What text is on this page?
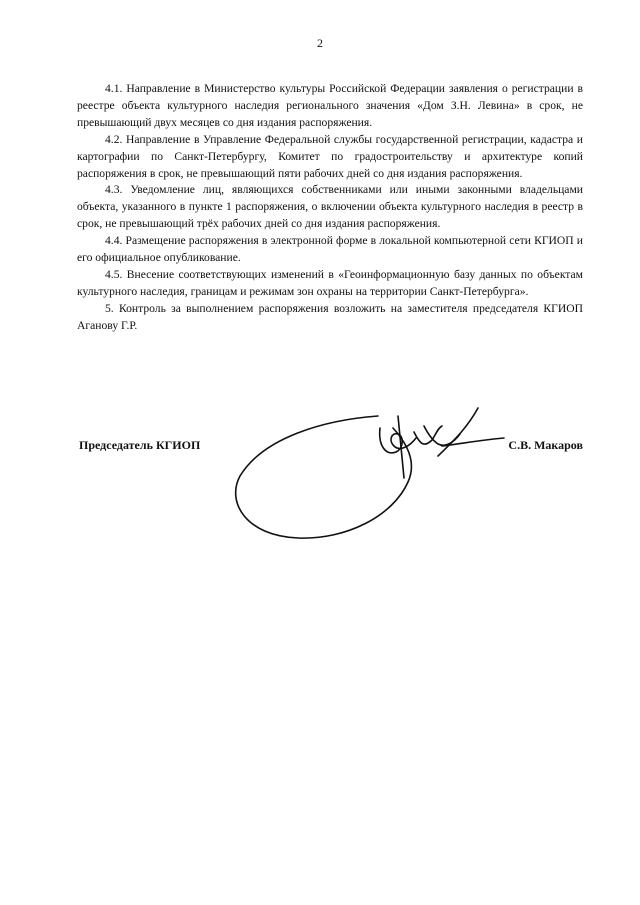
2

4.1. Направление в Министерство культуры Российской Федерации заявления о регистрации в реестре объекта культурного наследия регионального значения «Дом З.Н. Левина» в срок, не превышающий двух месяцев со дня издания распоряжения.

4.2. Направление в Управление Федеральной службы государственной регистрации, кадастра и картографии по Санкт-Петербургу, Комитет по градостроительству и архитектуре копий распоряжения в срок, не превышающий пяти рабочих дней со дня издания распоряжения.

4.3. Уведомление лиц, являющихся собственниками или иными законными владельцами объекта, указанного в пункте 1 распоряжения, о включении объекта культурного наследия в реестр в срок, не превышающий трёх рабочих дней со дня издания распоряжения.

4.4. Размещение распоряжения в электронной форме в локальной компьютерной сети КГИОП и его официальное опубликование.

4.5. Внесение соответствующих изменений в «Геоинформационную базу данных по объектам культурного наследия, границам и режимам зон охраны на территории Санкт-Петербурга».

5. Контроль за выполнением распоряжения возложить на заместителя председателя КГИОП Аганову Г.Р.

Председатель КГИОП	С.В. Макаров
